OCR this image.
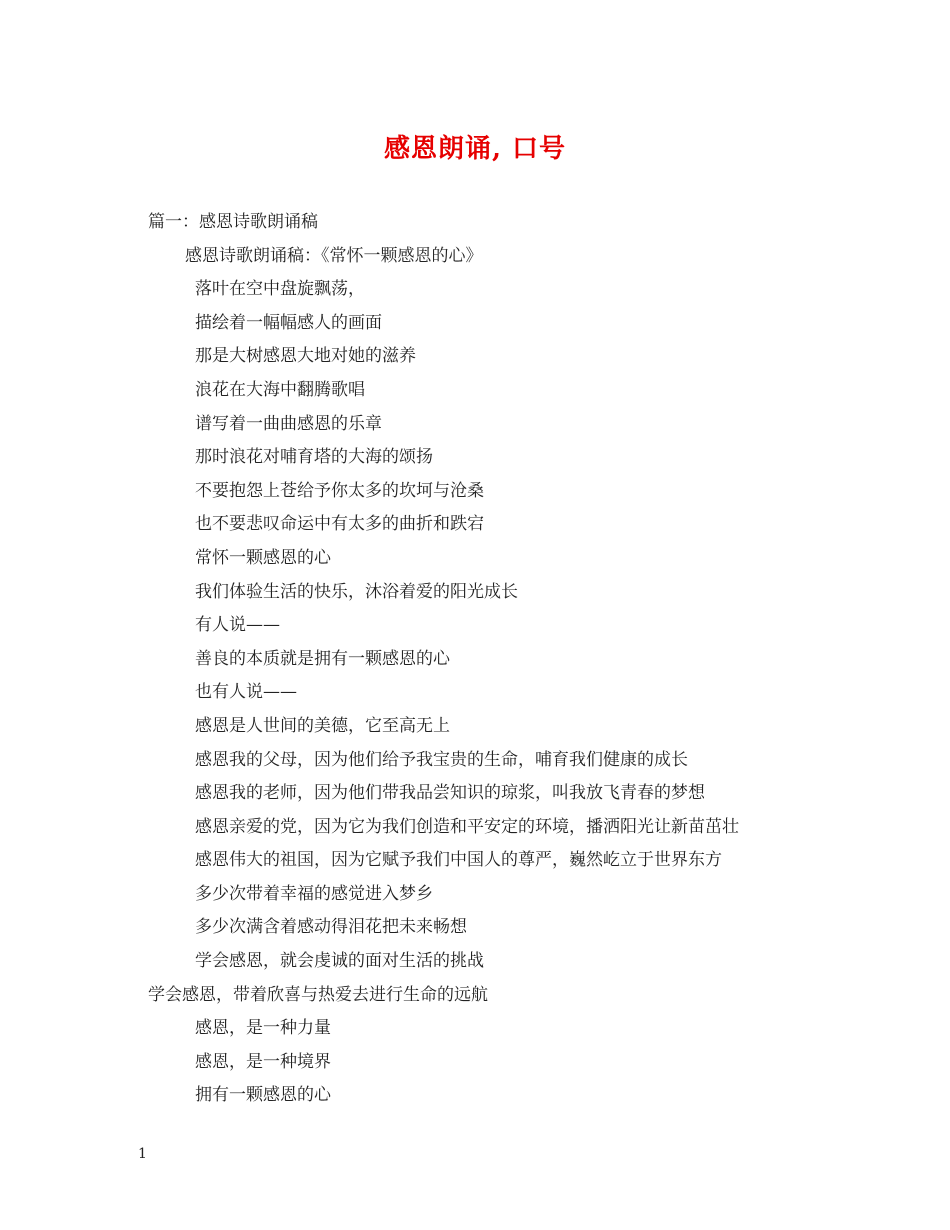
感恩朗诵, 口号
篇一：感恩诗歌朗诵稿
感恩诗歌朗诵稿：《常怀一颗感恩的心》
落叶在空中盘旋飘荡，
描绘着一幅幅感人的画面
那是大树感恩大地对她的滋养
浪花在大海中翻腾歌唱
谱写着一曲曲感恩的乐章
那时浪花对哺育塔的大海的颂扬
不要抱怨上苍给予你太多的坎坷与沧桑
也不要悲叹命运中有太多的曲折和跌宕
常怀一颗感恩的心
我们体验生活的快乐，沐浴着爱的阳光成长
有人说——
善良的本质就是拥有一颗感恩的心
也有人说——
感恩是人世间的美德，它至高无上
感恩我的父母，因为他们给予我宝贵的生命，哺育我们健康的成长
感恩我的老师，因为他们带我品尝知识的琼浆，叫我放飞青春的梦想
感恩亲爱的党，因为它为我们创造和平安定的环境，播洒阳光让新苗茁壮
感恩伟大的祖国，因为它赋予我们中国人的尊严，巍然屹立于世界东方
多少次带着幸福的感觉进入梦乡
多少次满含着感动得泪花把未来畅想
学会感恩，就会虔诚的面对生活的挑战
学会感恩，带着欣喜与热爱去进行生命的远航
感恩，是一种力量
感恩，是一种境界
拥有一颗感恩的心
1
